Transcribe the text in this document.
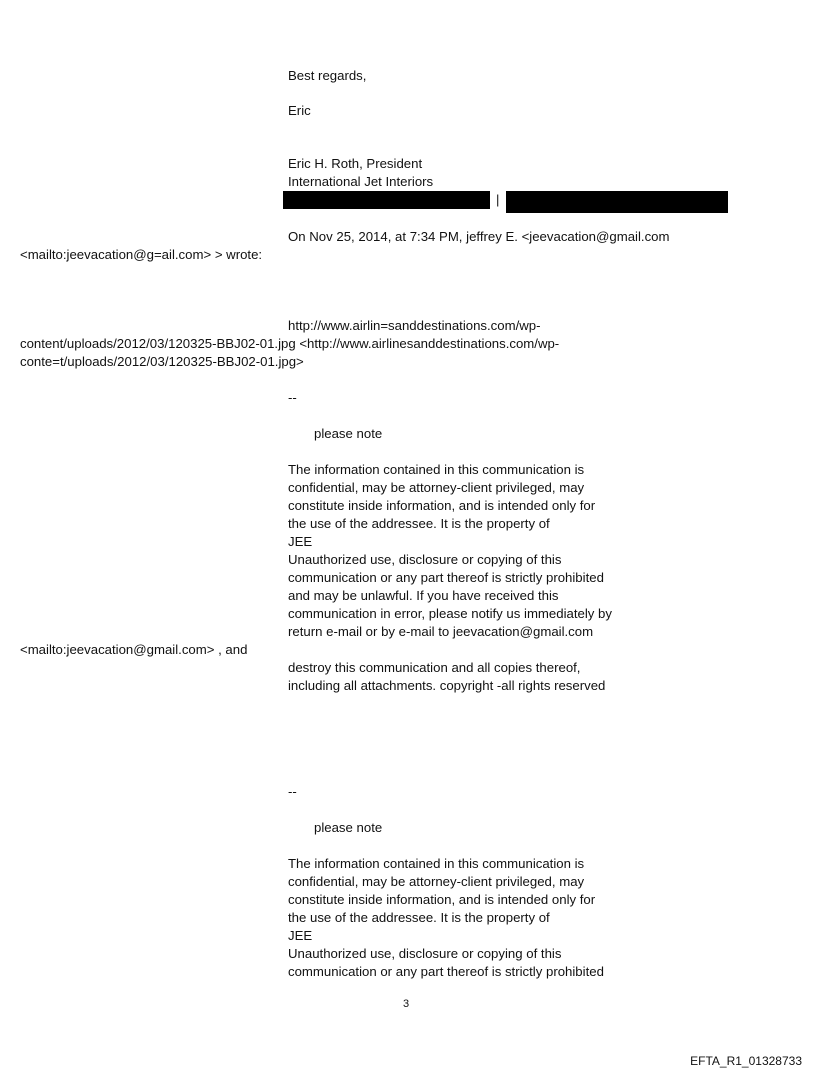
Best regards,

Eric

Eric H. Roth, President

International Jet Interiors

|

On Nov 25, 2014, at 7:34 PM, jeffrey E. <jeevacation@gmail.com

<mailto:jeevacation@g=ail.com> > wrote:

http://www.airlin=sanddestinations.com/wp-

content/uploads/2012/03/120325-BBJ02-01.jpg <http://www.airlinesanddestinations.com/wp-

conte=t/uploads/2012/03/120325-BBJ02-01.jpg>

--

please note

The information contained in this communication is

confidential, may be attorney-client privileged, may

constitute inside information, and is intended only for

the use of the addressee. It is the property of

JEE

Unauthorized use, disclosure or copying of this

communication or any part thereof is strictly prohibited

and may be unlawful. If you have received this

communication in error, please notify us immediately by

return e-mail or by e-mail to jeevacation@gmail.com

<mailto:jeevacation@gmail.com> , and

destroy this communication and all copies thereof,

including all attachments. copyright -all rights reserved

--

please note

The information contained in this communication is

confidential, may be attorney-client privileged, may

constitute inside information, and is intended only for

the use of the addressee. It is the property of

JEE

Unauthorized use, disclosure or copying of this

communication or any part thereof is strictly prohibited

3

EFTA_R1_01328733
